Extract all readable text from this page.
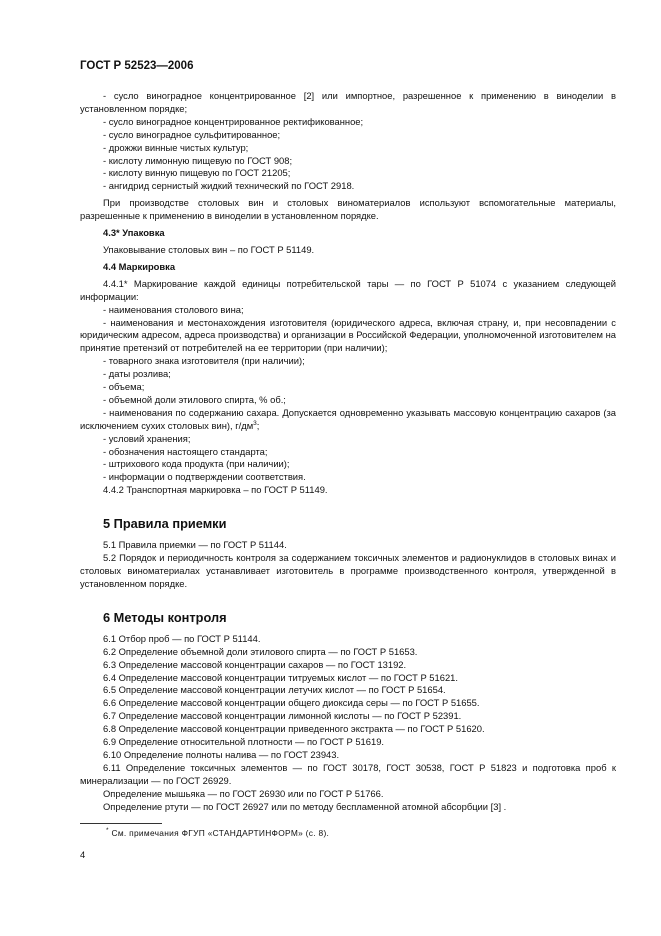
ГОСТ Р 52523—2006

- сусло виноградное концентрированное [2] или импортное, разрешенное к применению в виноделии в установленном порядке;

- сусло виноградное концентрированное ректификованное;

- сусло виноградное сульфитированное;

- дрожжи винные чистых культур;

- кислоту лимонную пищевую по ГОСТ 908;

- кислоту винную пищевую по ГОСТ 21205;

- ангидрид сернистый жидкий технический по ГОСТ 2918.

При производстве столовых вин и столовых виноматериалов используют вспомогательные материалы, разрешенные к применению в виноделии в установленном порядке.

4.3* Упаковка

Упаковывание столовых вин – по ГОСТ Р 51149.

4.4 Маркировка

4.4.1* Маркирование каждой единицы потребительской тары — по ГОСТ Р 51074 с указанием следующей информации:

- наименования столового вина;

- наименования и местонахождения изготовителя (юридического адреса, включая страну, и, при несовпадении с юридическим адресом, адреса производства) и организации в Российской Федерации, уполномоченной изготовителем на принятие претензий от потребителей на ее территории (при наличии);

- товарного знака изготовителя (при наличии);

- даты розлива;

- объема;

- объемной доли этилового спирта, % об.;

- наименования по содержанию сахара. Допускается одновременно указывать массовую концентрацию сахаров (за исключением сухих столовых вин), $г/дм^3$;

- условий хранения;

- обозначения настоящего стандарта;

- штрихового кода продукта (при наличии);

- информации о подтверждении соответствия.

4.4.2 Транспортная маркировка – по ГОСТ Р 51149.

5 Правила приемки

5.1 Правила приемки — по ГОСТ Р 51144.

5.2 Порядок и периодичность контроля за содержанием токсичных элементов и радионуклидов в столовых винах и столовых виноматериалах устанавливает изготовитель в программе производственного контроля, утвержденной в установленном порядке.

6 Методы контроля

6.1 Отбор проб — по ГОСТ Р 51144.

6.2 Определение объемной доли этилового спирта — по ГОСТ Р 51653.

6.3 Определение массовой концентрации сахаров — по ГОСТ 13192.

6.4 Определение массовой концентрации титруемых кислот — по ГОСТ Р 51621.

6.5 Определение массовой концентрации летучих кислот — по ГОСТ Р 51654.

6.6 Определение массовой концентрации общего диоксида серы — по ГОСТ Р 51655.

6.7 Определение массовой концентрации лимонной кислоты — по ГОСТ Р 52391.

6.8 Определение массовой концентрации приведенного экстракта — по ГОСТ Р 51620.

6.9 Определение относительной плотности — по ГОСТ Р 51619.

6.10 Определение полноты налива — по ГОСТ 23943.

6.11 Определение токсичных элементов — по ГОСТ 30178, ГОСТ 30538, ГОСТ Р 51823 и подготовка проб к минерализации — по ГОСТ 26929.

Определение мышьяка — по ГОСТ 26930 или по ГОСТ Р 51766.

Определение ртути — по ГОСТ 26927 или по методу беспламенной атомной абсорбции [3] .

* См. примечания ФГУП «СТАНДАРТИНФОРМ» (с. 8).
4
